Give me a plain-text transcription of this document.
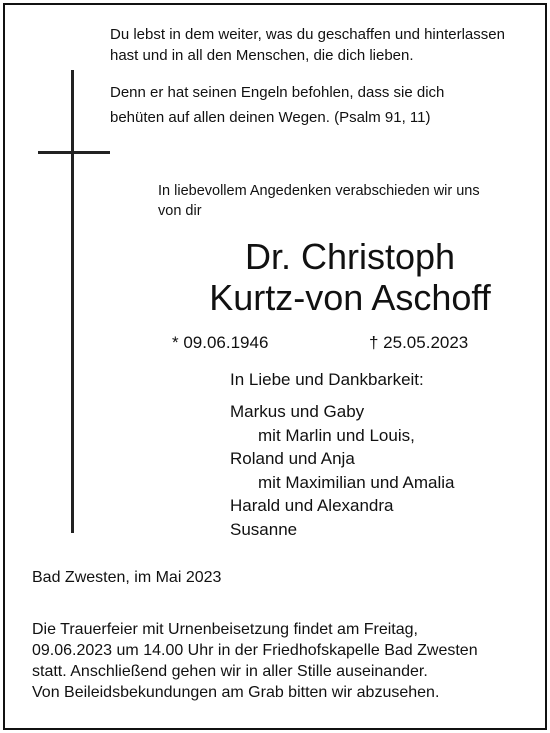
Du lebst in dem weiter, was du geschaffen und hinterlassen
hast und in all den Menschen, die dich lieben.

Denn er hat seinen Engeln befohlen, dass sie dich
behüten auf allen deinen Wegen. (Psalm 91, 11)

In liebevollem Angedenken verabschieden wir uns
von dir

Dr. Christoph
Kurtz-von Aschoff
* 09.06.1946	† 25.05.2023

In Liebe und Dankbarkeit:

Markus und Gaby
mit Marlin und Louis,
Roland und Anja
mit Maximilian und Amalia
Harald und Alexandra
Susanne

Bad Zwesten, im Mai 2023

Die Trauerfeier mit Urnenbeisetzung findet am Freitag,
09.06.2023 um 14.00 Uhr in der Friedhofskapelle Bad Zwesten
statt. Anschließend gehen wir in aller Stille auseinander.
Von Beileidsbekundungen am Grab bitten wir abzusehen.
